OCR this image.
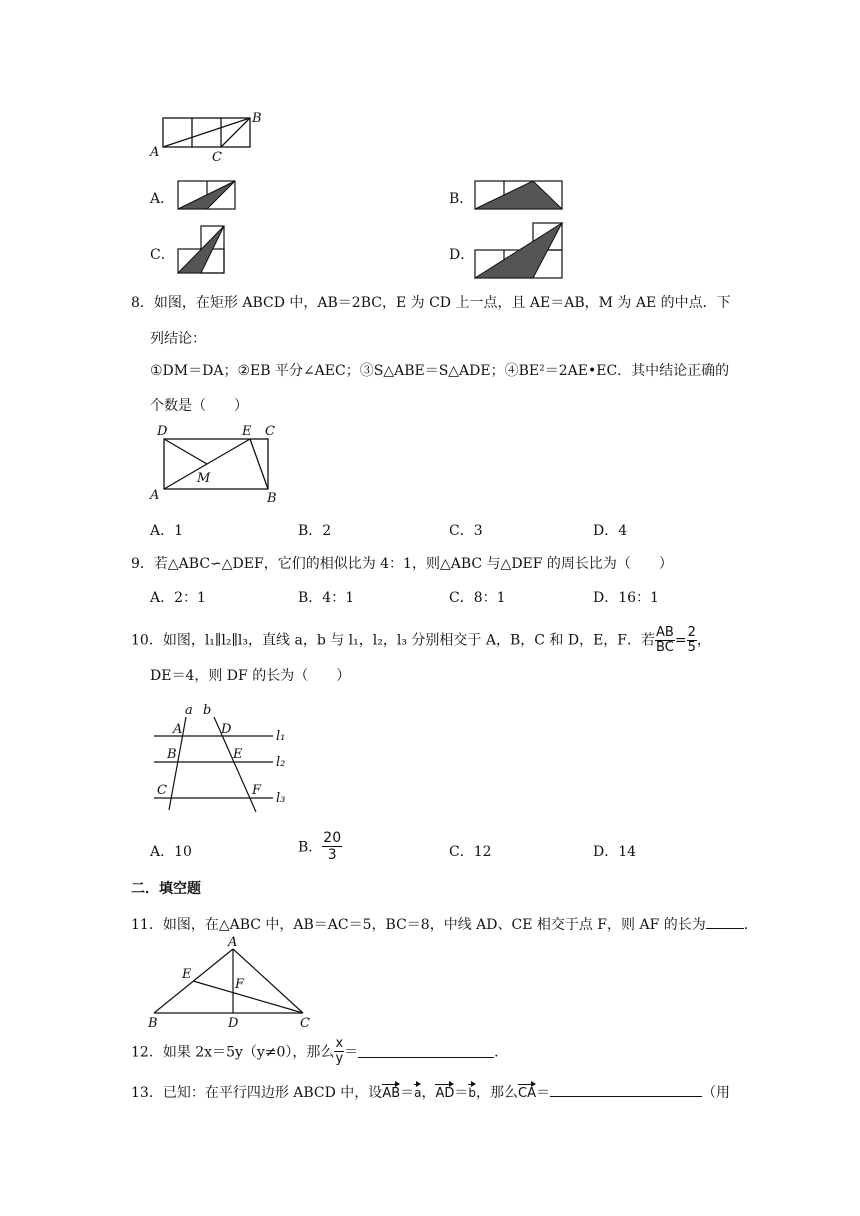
B
A	C
A．	B．
C．	D．
8．如图，在矩形 ABCD 中，AB＝2BC，E 为 CD 上一点，且 AE＝AB，M 为 AE 的中点．下
列结论：
①DM＝DA；②EB 平分∠AEC；③S△ABE＝S△ADE；④BE²＝2AE•EC．其中结论正确的
个数是（　　）
D	E C
A
M
B
A．1	B．2	C．3	D．4
9．若△ABC∽△DEF，它们的相似比为 4：1，则△ABC 与△DEF 的周长比为（　　）
A．2：1	B．4：1	C．8：1	D．16：1
10．如图，l₁∥l₂∥l₃，直线 a，b 与 l₁，l₂，l₃ 分别相交于 A，B，C 和 D，E，F．若 $\frac{AB}{BC} = \frac{2}{5}$ ，
DE＝4，则 DF 的长为（　　）
a b
A	D	l₁
B	E
l₂
C	F
l₃
A．10	B． $\frac{20}{3}$	C．12	D．14
二．填空题
11．如图，在△ABC 中，AB＝AC＝5，BC＝8，中线 AD、CE 相交于点 F，则 AF 的长为	．
A
E
F
B	D	C
12．如果 2x＝5y（y≠0），那么 $\frac{x}{y}$ ＝	．
13．已知：在平行四边形 ABCD 中，设AB＝a，AD＝b，那么CA＝	（用
